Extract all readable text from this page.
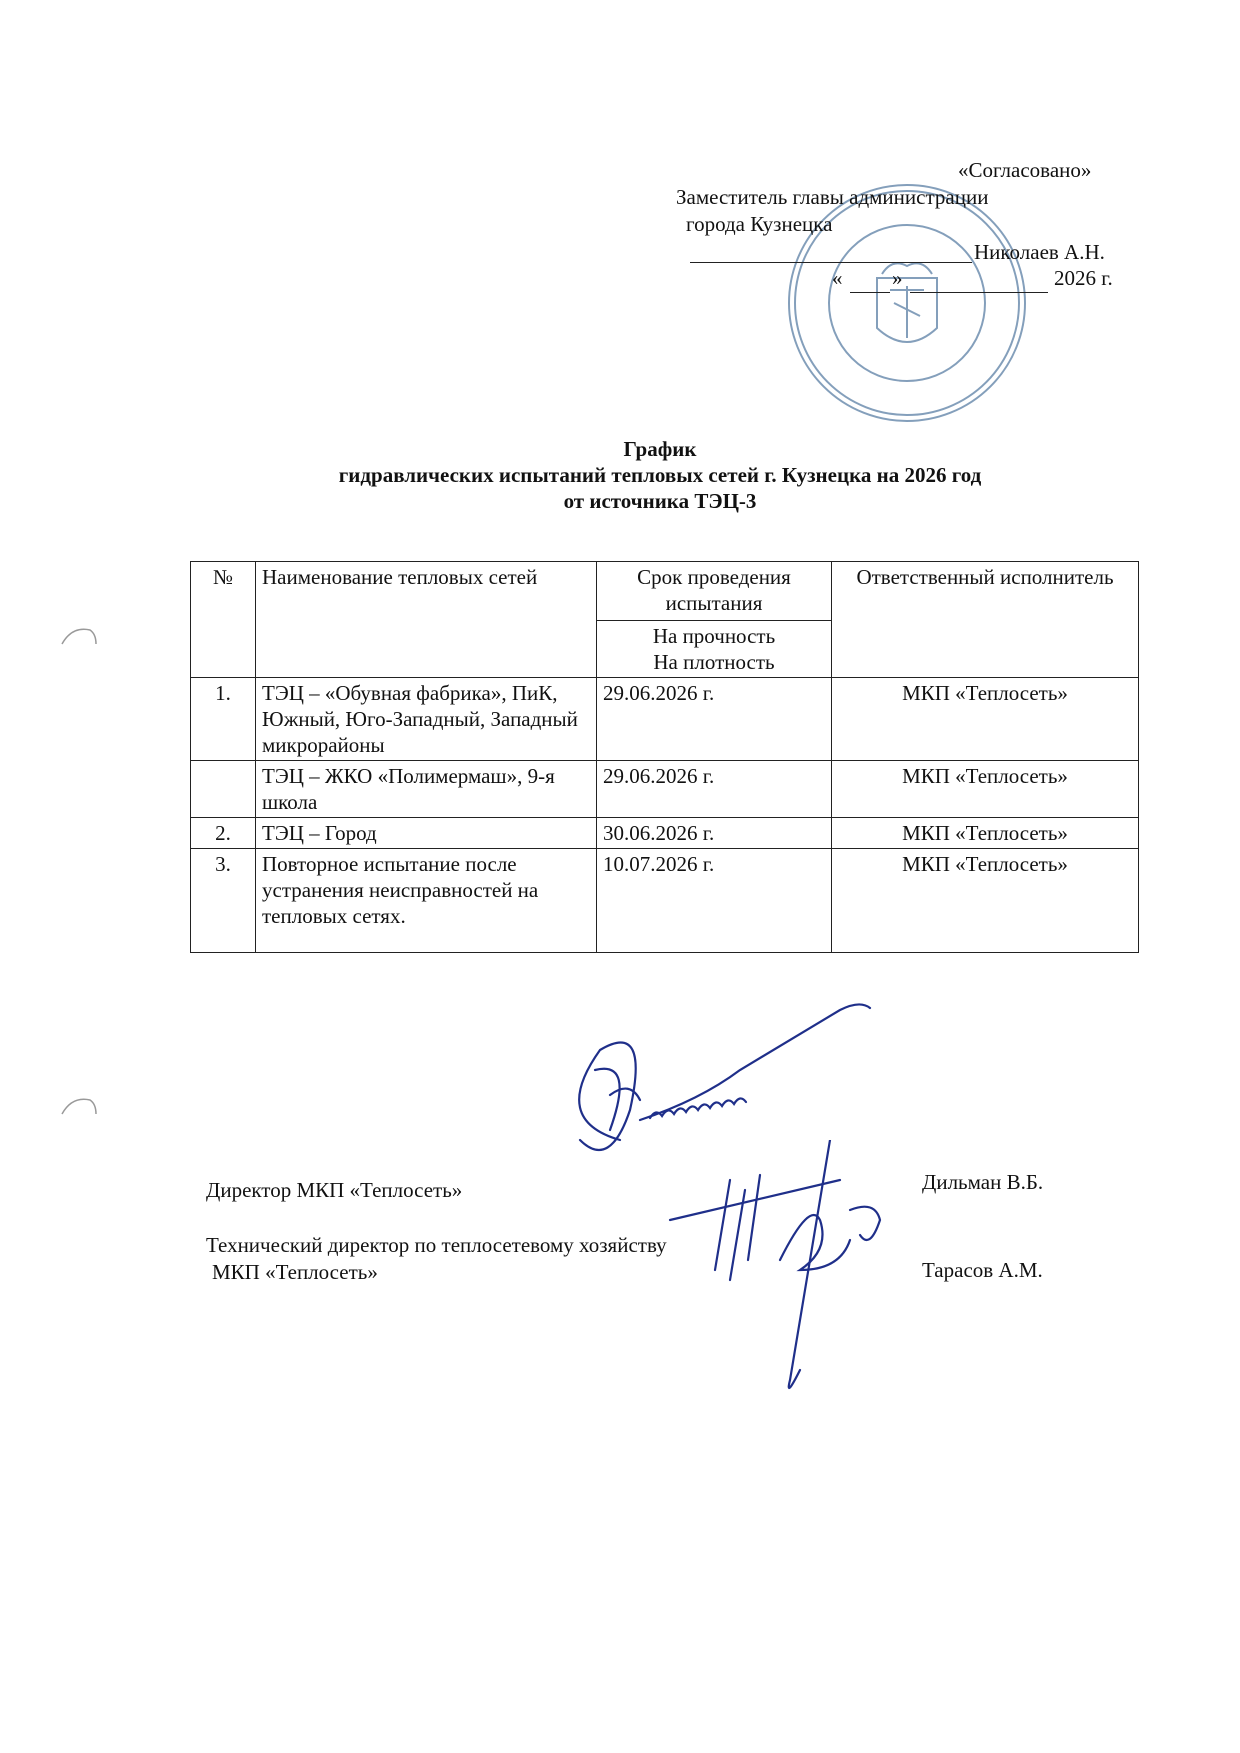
«Согласовано»
Заместитель главы администрации
города Кузнецка
Николаев А.Н.
« »	2026 г.
График
гидравлических испытаний тепловых сетей г. Кузнецка на 2026 год
от источника ТЭЦ-3
№	Наименование тепловых сетей	Срок проведения испытания	Ответственный исполнитель

		На прочность
На плотность	

1.	ТЭЦ – «Обувная фабрика», ПиК, Южный, Юго-Западный, Западный микрорайоны	29.06.2026 г.	МКП «Теплосеть»
	ТЭЦ – ЖКО «Полимермаш», 9-я школа	29.06.2026 г.	МКП «Теплосеть»
2.	ТЭЦ – Город	30.06.2026 г.	МКП «Теплосеть»
3.	Повторное испытание после устранения неисправностей на тепловых сетях.	10.07.2026 г.	МКП «Теплосеть»
Директор МКП «Теплосеть»	Дильман В.Б.
Технический директор по теплосетевому хозяйству
МКП «Теплосеть»	Тарасов А.М.
